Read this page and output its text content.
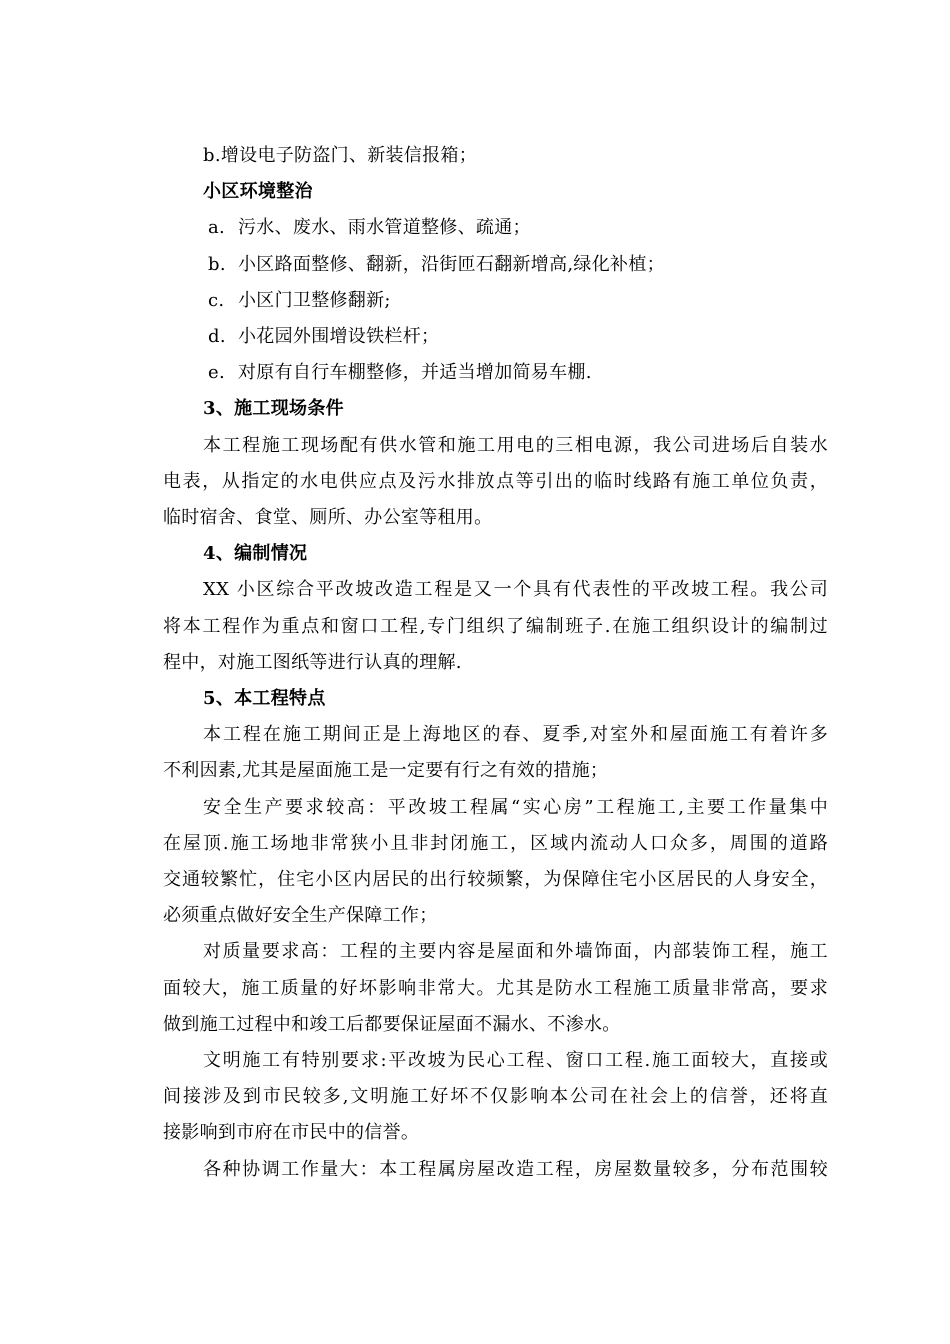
b.增设电子防盗门、新装信报箱；
小区环境整治
a. 污水、废水、雨水管道整修、疏通；
b. 小区路面整修、翻新，沿街匝石翻新增高,绿化补植；
c. 小区门卫整修翻新;
d. 小花园外围增设铁栏杆；
e. 对原有自行车棚整修，并适当增加简易车棚.
3、施工现场条件
本工程施工现场配有供水管和施工用电的三相电源，我公司进场后自装水
电表，从指定的水电供应点及污水排放点等引出的临时线路有施工单位负责，
临时宿舍、食堂、厕所、办公室等租用。
4、编制情况
XX 小区综合平改坡改造工程是又一个具有代表性的平改坡工程。我公司
将本工程作为重点和窗口工程,专门组织了编制班子.在施工组织设计的编制过
程中，对施工图纸等进行认真的理解.
5、本工程特点
本工程在施工期间正是上海地区的春、夏季,对室外和屋面施工有着许多
不利因素,尤其是屋面施工是一定要有行之有效的措施；
安全生产要求较高：平改坡工程属“实心房”工程施工,主要工作量集中
在屋顶.施工场地非常狭小且非封闭施工，区域内流动人口众多，周围的道路
交通较繁忙，住宅小区内居民的出行较频繁，为保障住宅小区居民的人身安全，
必须重点做好安全生产保障工作；
对质量要求高：工程的主要内容是屋面和外墙饰面，内部装饰工程，施工
面较大，施工质量的好坏影响非常大。尤其是防水工程施工质量非常高，要求
做到施工过程中和竣工后都要保证屋面不漏水、不渗水。
文明施工有特别要求:平改坡为民心工程、窗口工程.施工面较大，直接或
间接涉及到市民较多,文明施工好坏不仅影响本公司在社会上的信誉，还将直
接影响到市府在市民中的信誉。
各种协调工作量大：本工程属房屋改造工程，房屋数量较多，分布范围较
